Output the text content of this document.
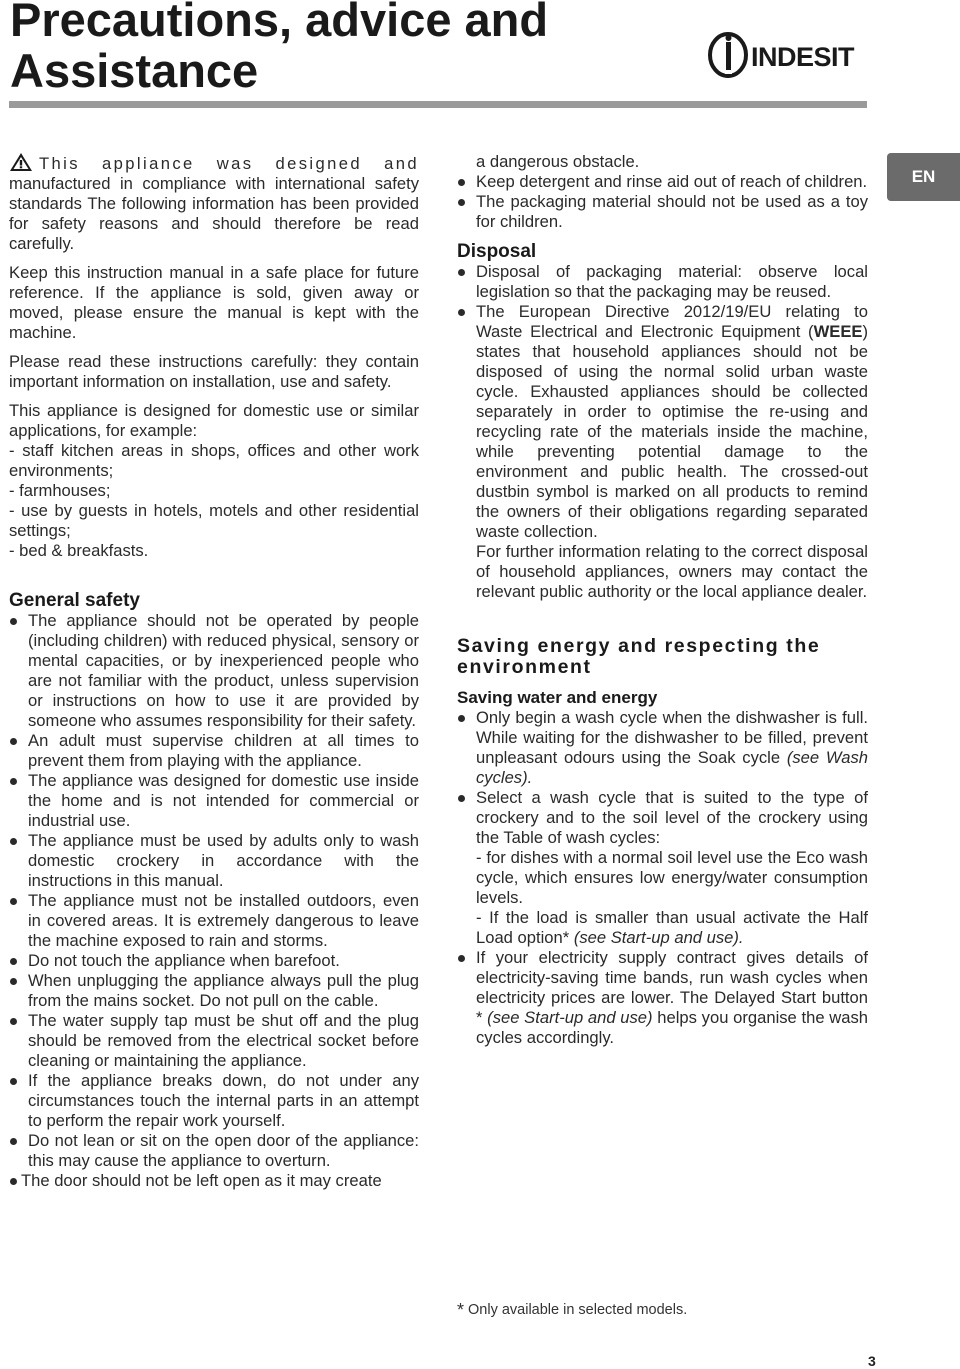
Precautions, advice and
Assistance	INDESIT
EN

This appliance was designed and manufactured in compliance with international safety standards The following information has been provided for safety reasons and should therefore be read carefully.

Keep this instruction manual in a safe place for future reference. If the appliance is sold, given away or moved, please ensure the manual is kept with the machine.

Please read these instructions carefully: they contain important information on installation, use and safety.

This appliance is designed for domestic use or similar applications, for example:
- staff kitchen areas in shops, offices and other work environments;
- farmhouses;
- use by guests in hotels, motels and other residential settings;
- bed & breakfasts.
General safety
The appliance should not be operated by people (including children) with reduced physical, sensory or mental capacities, or by inexperienced people who are not familiar with the product, unless supervision or instructions on how to use it are provided by someone who assumes responsibility for their safety.
An adult must supervise children at all times to prevent them from playing with the appliance.
The appliance was designed for domestic use inside the home and is not intended for commercial or industrial use.
The appliance must be used by adults only to wash domestic crockery in accordance with the instructions in this manual.
The appliance must not be installed outdoors, even in covered areas. It is extremely dangerous to leave the machine exposed to rain and storms.
Do not touch the appliance when barefoot.
When unplugging the appliance always pull the plug from the mains socket. Do not pull on the cable.
The water supply tap must be shut off and the plug should be removed from the electrical socket before cleaning or maintaining the appliance.
If the appliance breaks down, do not under any circumstances touch the internal parts in an attempt to perform the repair work yourself.
Do not lean or sit on the open door of the appliance: this may cause the appliance to overturn.
The door should not be left open as it may create
a dangerous obstacle.
Keep detergent and rinse aid out of reach of children.
The packaging material should not be used as a toy for children.
Disposal
Disposal of packaging material: observe local legislation so that the packaging may be reused.
The European Directive 2012/19/EU relating to Waste Electrical and Electronic Equipment (WEEE) states that household appliances should not be disposed of using the normal solid urban waste cycle. Exhausted appliances should be collected separately in order to optimise the re-using and recycling rate of the materials inside the machine, while preventing potential damage to the environment and public health. The crossed-out dustbin symbol is marked on all products to remind the owners of their obligations regarding separated waste collection.
For further information relating to the correct disposal of household appliances, owners may contact the relevant public authority or the local appliance dealer.
Saving energy and respecting the environment
Saving water and energy
Only begin a wash cycle when the dishwasher is full. While waiting for the dishwasher to be filled, prevent unpleasant odours using the Soak cycle (see Wash cycles).
Select a wash cycle that is suited to the type of crockery and to the soil level of the crockery using the Table of wash cycles:
- for dishes with a normal soil level use the Eco wash cycle, which ensures low energy/water consumption levels.
- If the load is smaller than usual activate the Half Load option* (see Start-up and use).
If your electricity supply contract gives details of electricity-saving time bands, run wash cycles when electricity prices are lower. The Delayed Start button * (see Start-up and use) helps you organise the wash cycles accordingly.
* Only available in selected models.
3
